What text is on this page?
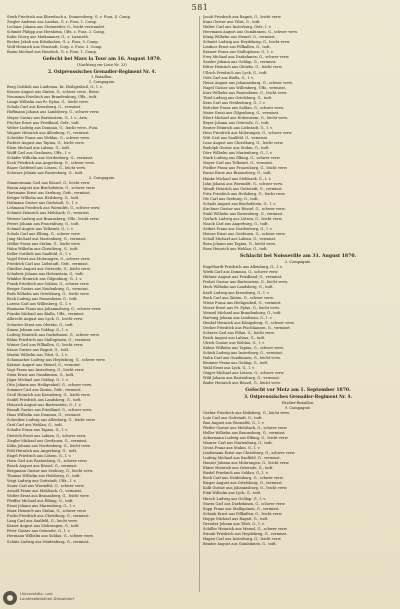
581
Sterk Friedrich aus Ebersbach a. Donnersberg, G. z. Fuss, 4. Comp.
Ziegler Andreas aus Landau, G. z. Fuss, 1. Comp.
Lechner Johann aus Steinweiler, G., leicht verwundet.
Schmitt Philipp aus Herxheim, Uffz. z. Fuss, 2. Comp.
Kuhn Georg aus Maikammer, G., z. Lazareth.
Becker Jakob aus Edenkoben, G. z. Fuss, 5. Comp.
Wolf Heinrich aus Neustadt, Corp. z. Fuss, 3. Comp.
Baum Michael aus Hassloch, G. z. Fuss, 1. Comp.
Gefecht bei Mars la Tour am 16. August 1870.
(Nachtrag zur Liste Nr. 23)
2. Ostpreussisches Grenadier-Regiment Nr. 4.
I. Bataillon.
1. Compagnie.
Berg Gottlieb aus Lindenau, Kr. Heiligenbeil, G., l. v.
Krause August aus Zinten, G., schwer verw., Brust.
Neumann Friedrich aus Brandenburg, Uffz., todt.
Lange Wilhelm aus Pr. Eylau, G., leicht verw.
Schulz Carl aus Kreuzburg, G., vermisst.
Hoffmann Johann aus Landsberg, G., schwer verw.
Meyer Gustav aus Bartenstein, G., l. v., Arm.
Fischer Ernst aus Friedland, Gefr., todt.
Weber Ludwig aus Domnau, G., leicht verw., Fuss.
Wagner Heinrich aus Allenburg, G., vermisst.
Schröder Franz aus Wehlau, G., schwer verw.
Richter August aus Tapiau, G., leicht verw.
Klein Michael aus Labiau, G., todt.
Wolff Carl aus Gerdauen, Uffz., l. v.
Schäfer Wilhelm aus Nordenburg, G., vermisst.
Koch Friedrich aus Angerburg, G., schwer verw.
Bauer Gottfried aus Lötzen, G., leicht verw.
Schwarz Johann aus Rastenburg, G., todt.
2. Compagnie.
Zimmermann Carl aus Rössel, G., leicht verw.
Braun August aus Bischofstein, G., schwer verw.
Hartmann Ernst aus Seeburg, Gefr., vermisst.
Krüger Wilhelm aus Heilsberg, G., todt.
Hofmann Gustav aus Guttstadt, G., l. v.
Lehmann Friedrich aus Wormditt, G., schwer verw.
Schmitz Heinrich aus Mehlsack, G., vermisst.
Werner Ludwig aus Braunsberg, Uffz., leicht verw.
Peters Johann aus Frauenburg, G., todt.
Schmid August aus Tolkemit, G., l. v.
Scholz Carl aus Elbing, G., schwer verw.
Jung Michael aus Marienburg, G., vermisst.
Möller Franz aus Stuhm, G., leicht verw.
Hahn Wilhelm aus Christburg, G., todt.
Keller Gottlieb aus Saalfeld, G., l. v.
Vogel Ernst aus Mohrungen, G., schwer verw.
Friedrich Carl aus Liebstadt, Gefr., vermisst.
Günther August aus Osterode, G., leicht verw.
Schubert Johann aus Hohenstein, G., todt.
Winkler Heinrich aus Gilgenburg, G., l. v.
Frank Friedrich aus Soldau, G., schwer verw.
Berger Gustav aus Neidenburg, G., vermisst.
Roth Wilhelm aus Ortelsburg, G., leicht verw.
Beck Ludwig aus Passenheim, G., todt.
Lorenz Carl aus Willenberg, G., l. v.
Baumann Franz aus Johannisburg, G., schwer verw.
Franke Michael aus Bialla, Uffz., vermisst.
Albrecht August aus Lyck, G., leicht verw.
Schuster Ernst aus Oletzko, G., todt.
Simon Johann aus Goldap, G., l. v.
Ludwig Heinrich aus Darkehmen, G., schwer verw.
Böhm Friedrich aus Stallupönen, G., vermisst.
Winter Carl aus Pillkallen, G., leicht verw.
Kraus Gustav aus Ragnit, G., todt.
Martin Wilhelm aus Tilsit, G., l. v.
Schumacher Ludwig aus Heydekrug, G., schwer verw.
Krämer August aus Memel, G., vermisst.
Vogt Franz aus Insterburg, G., leicht verw.
Stein Ernst aus Gumbinnen, G., todt.
Jäger Michael aus Goldap, G., l. v.
Otto Johann aus Heiligenbeil, G., schwer verw.
Sommer Carl aus Zinten, Gefr., vermisst.
Groß Heinrich aus Kreuzburg, G., leicht verw.
Seidel Friedrich aus Landsberg, G., todt.
Heinrich August aus Bartenstein, G., l. v.
Brandt Gustav aus Friedland, G., schwer verw.
Haas Wilhelm aus Domnau, G., vermisst.
Schreiber Ludwig aus Allenburg, G., leicht verw.
Graf Carl aus Wehlau, G., todt.
Schulte Franz aus Tapiau, G., l. v.
Dietrich Ernst aus Labiau, G., schwer verw.
Ziegler Michael aus Gerdauen, G., vermisst.
Kühn Johann aus Nordenburg, G., leicht verw.
Pohl Heinrich aus Angerburg, G., todt.
Engel Friedrich aus Lötzen, G., l. v.
Horn Carl aus Rastenburg, G., schwer verw.
Busch August aus Rössel, G., vermisst.
Bergmann Gustav aus Seeburg, G., leicht verw.
Thomas Wilhelm aus Heilsberg, G., todt.
Voigt Ludwig aus Guttstadt, Uffz., l. v.
Sauer Carl aus Wormditt, G., schwer verw.
Arnold Franz aus Mehlsack, G., vermisst.
Wolter Ernst aus Braunsberg, G., leicht verw.
Pfeiffer Michael aus Elbing, G., todt.
Ernst Johann aus Marienburg, G., l. v.
Marx Heinrich aus Stuhm, G., schwer verw.
Fuchs Friedrich aus Christburg, G., vermisst.
Lang Carl aus Saalfeld, G., leicht verw.
Kaiser August aus Mohrungen, G., todt.
Peter Gustav aus Osterode, G., l. v.
Hermann Wilhelm aus Soldau, G., schwer verw.
Schütz Ludwig aus Neidenburg, G., vermisst.
Jacob Friedrich aus Ragnit, G., leicht verw.
Kunz Gustav aus Tilsit, G., todt.
Walter Carl aus Insterburg, Gefr., l. v.
Herrmann August aus Gumbinnen, G., schwer verw.
König Wilhelm aus Memel, G., vermisst.
Schmitt Ludwig aus Heydekrug, G., leicht verw.
Lindner Ernst aus Pillkallen, G., todt.
Kramer Franz aus Stallupönen, G., l. v.
Frey Michael aus Darkehmen, G., schwer verw.
Sander Johann aus Goldap, G., vermisst.
Ritter Heinrich aus Oletzko, G., leicht verw.
Ullrich Friedrich aus Lyck, G., todt.
Götz Carl aus Bialla, G., l. v.
Heinz August aus Johannisburg, G., schwer verw.
Nagel Gustav aus Willenberg, Uffz., vermisst.
Kurz Wilhelm aus Passenheim, G., leicht verw.
Thiel Ludwig aus Ortelsburg, G., todt.
Kern Carl aus Neidenburg, G., l. v.
Böttcher Franz aus Soldau, G., schwer verw.
Maier Ernst aus Gilgenburg, G., vermisst.
Ebert Michael aus Hohenstein, G., leicht verw.
Beyer Johann aus Osterode, G., todt.
Reuter Heinrich aus Liebstadt, G., l. v.
Hess Friedrich aus Mohrungen, G., schwer verw.
Witt Carl aus Saalfeld, G., vermisst.
Lenz August aus Christburg, G., leicht verw.
Rudolph Gustav aus Stuhm, G., todt.
Dörr Wilhelm aus Marienburg, G., l. v.
Stark Ludwig aus Elbing, G., schwer verw.
Mayer Carl aus Tolkemit, G., vermisst.
Fiedler Franz aus Frauenburg, G., leicht verw.
Busse Ernst aus Braunsberg, G., todt.
Hanke Michael aus Mehlsack, G., l. v.
Jahn Johann aus Wormditt, G., schwer verw.
Wendt Heinrich aus Guttstadt, G., vermisst.
Fritz Friedrich aus Heilsberg, G., leicht verw.
Ott Carl aus Seeburg, G., todt.
Schade August aus Bischofstein, G., l. v.
Kirchner Gustav aus Rössel, G., schwer verw.
Stahl Wilhelm aus Rastenburg, G., vermisst.
Gerlach Ludwig aus Lötzen, G., leicht verw.
Noack Carl aus Angerburg, G., todt.
Seifert Franz aus Nordenburg, G., l. v.
Heinze Ernst aus Gerdauen, G., schwer verw.
Scholl Michael aus Labiau, G., vermisst.
Born Johann aus Tapiau, G., leicht verw.
Rose Heinrich aus Wehlau, G., todt.
Schlacht bei Noisseville am 31. August 1870.
2. Compagnie.
Engelhardt Friedrich aus Allenburg, G., l. v.
Wirth Carl aus Domnau, G., schwer verw.
Hübner August aus Friedland, G., vermisst.
Probst Gustav aus Bartenstein, G., leicht verw.
Heck Wilhelm aus Landsberg, G., todt.
Kraft Ludwig aus Kreuzburg, G., l. v.
Bach Carl aus Zinten, G., schwer verw.
Wiese Franz aus Heiligenbeil, G., vermisst.
Moser Ernst aus Pr. Eylau, G., leicht verw.
Menzel Michael aus Brandenburg, G., todt.
Hartung Johann aus Lindenau, G., l. v.
Henkel Heinrich aus Königsberg, G., schwer verw.
Decker Friedrich aus Fischhausen, G., vermisst.
Scherer Carl aus Pillau, G., leicht verw.
Reich August aus Labiau, G., todt.
Ulrich Gustav aus Wehlau, G., l. v.
Kühne Wilhelm aus Tapiau, G., schwer verw.
Schick Ludwig aus Insterburg, G., vermisst.
Hahn Carl aus Gumbinnen, G., leicht verw.
Brunner Franz aus Goldap, G., todt.
Wahl Ernst aus Lyck, G., l. v.
Geiger Michael aus Lötzen, G., schwer verw.
Wild Johann aus Rastenburg, G., vermisst.
Bader Heinrich aus Rössel, G., leicht verw.
Gefecht vor Metz am 1. September 1870.
3. Ostpreussisches Grenadier-Regiment Nr. 4.
Füsilier-Bataillon.
9. Compagnie.
Gerber Friedrich aus Heilsberg, G., leicht verw.
Lutz Carl aus Guttstadt, G., todt.
Rau August aus Wormditt, G., l. v.
Pfeifer Gustav aus Mehlsack, G., schwer verw.
Heller Wilhelm aus Braunsberg, G., vermisst.
Ackermann Ludwig aus Elbing, G., leicht verw.
Maurer Carl aus Marienburg, G., todt.
Gross Franz aus Stuhm, G., l. v.
Lindemann Ernst aus Christburg, G., schwer verw.
Ludwig Michael aus Saalfeld, G., vermisst.
Hauser Johann aus Mohrungen, G., leicht verw.
Ebner Heinrich aus Osterode, G., todt.
Riedel Friedrich aus Soldau, G., l. v.
Bock Carl aus Neidenburg, G., schwer verw.
Rieger August aus Ortelsburg, G., vermisst.
Kolb Gustav aus Johannisburg, G., leicht verw.
Fink Wilhelm aus Lyck, G., todt.
Hirsch Ludwig aus Goldap, G., l. v.
Sturm Carl aus Darkehmen, G., schwer verw.
Kopp Franz aus Stallupönen, G., vermisst.
Schenk Ernst aus Pillkallen, G., leicht verw.
Hoppe Michael aus Ragnit, G., todt.
Dressler Johann aus Tilsit, G., l. v.
Schiller Heinrich aus Memel, G., schwer verw.
Straub Friedrich aus Heydekrug, G., vermisst.
Hagen Carl aus Insterburg, G., leicht verw.
Bender August aus Gumbinnen, G., todt.
Universitäts- und
Landesbibliothek Düsseldorf
